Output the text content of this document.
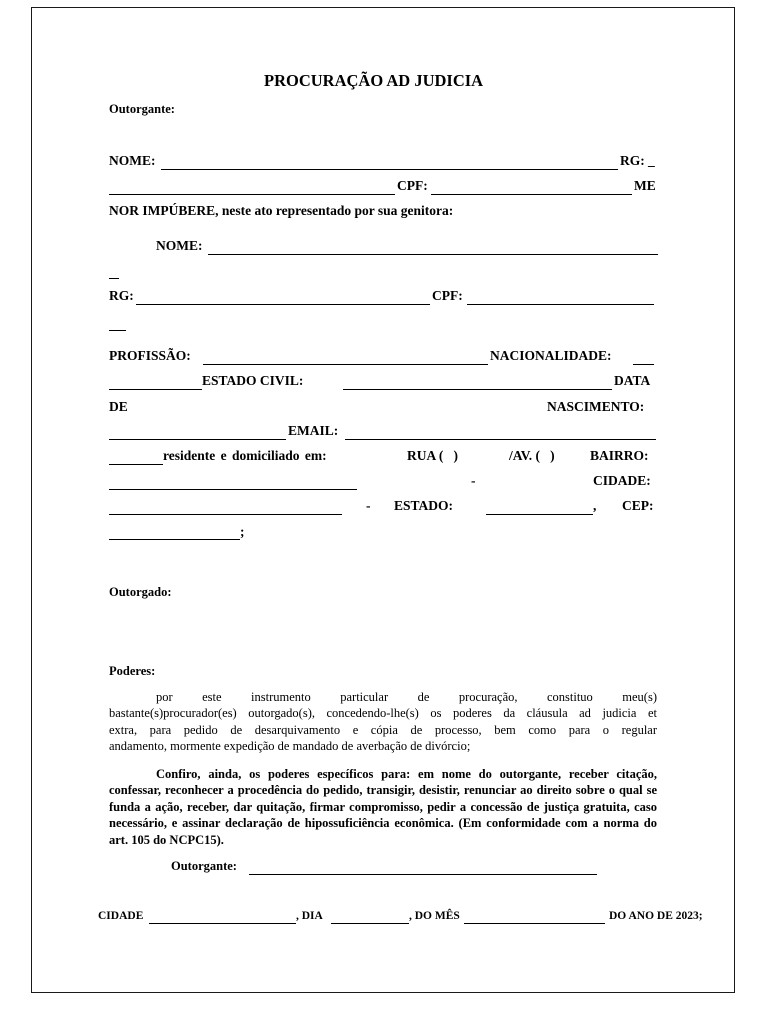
PROCURAÇÃO AD JUDICIA
Outorgante:
NOME:	RG: _
CPF:	ME
NOR IMPÚBERE, neste ato representado por sua genitora:
NOME:
RG:	CPF:
PROFISSÃO:	NACIONALIDADE:
ESTADO CIVIL:	DATA
DE	NASCIMENTO:
EMAIL:
residente e domiciliado em:	RUA (   )	/AV. (   )	BAIRRO:
-	CIDADE:
- ESTADO:	, CEP:
;
Outorgado:
Poderes:
por este instrumento particular de procuração, constituo meu(s)
bastante(s)procurador(es) outorgado(s), concedendo-lhe(s) os poderes da cláusula ad judicia et
extra, para pedido de desarquivamento e cópia de processo, bem como para o regular
andamento, mormente expedição de mandado de averbação de divórcio;
Confiro, ainda, os poderes específicos para: em nome do outorgante, receber citação, confessar, reconhecer a procedência do pedido, transigir, desistir, renunciar ao direito sobre o qual se funda a ação, receber, dar quitação, firmar compromisso, pedir a concessão de justiça gratuita, caso necessário, e assinar declaração de hipossuficiência econômica. (Em conformidade com a norma do art. 105 do NCPC15).
Outorgante:
CIDADE	, DIA	, DO MÊS	DO ANO DE 2023;
